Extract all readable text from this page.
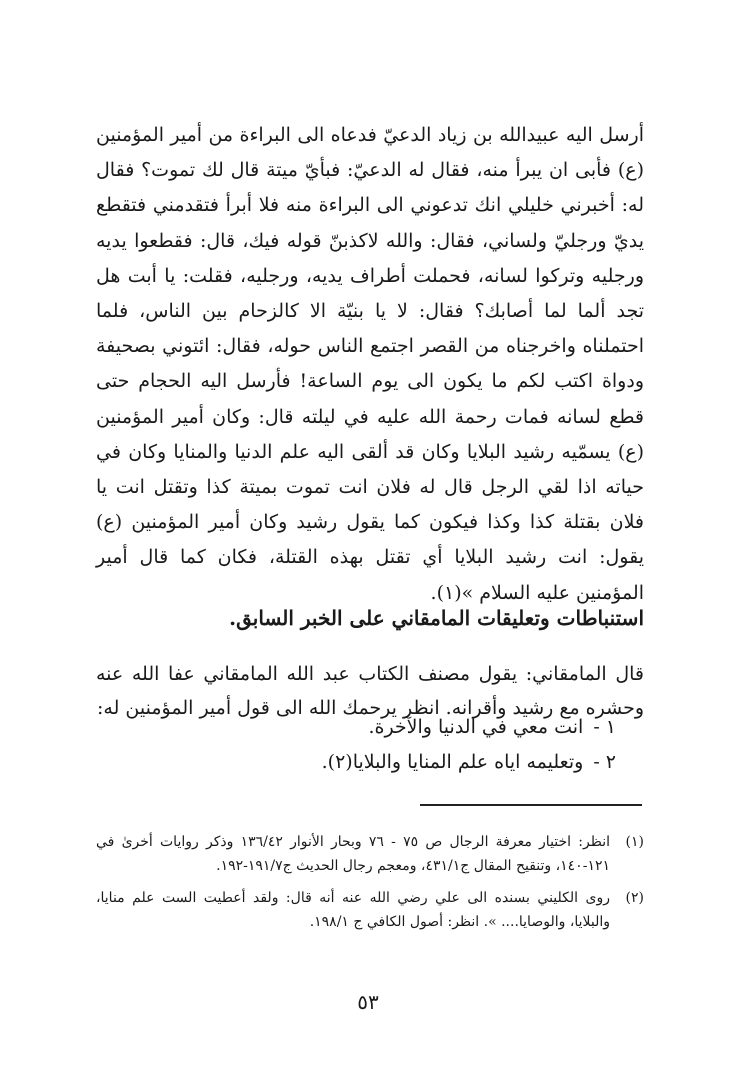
أرسل اليه عبيدالله بن زياد الدعيّ فدعاه الى البراءة من أمير المؤمنين (ع) فأبى ان يبرأ منه، فقال له الدعيّ: فبأيّ ميتة قال لك تموت؟ فقال له: أخبرني خليلي انك تدعوني الى البراءة منه فلا أبرأ فتقدمني فتقطع يديّ ورجليّ ولساني، فقال: والله لاكذبنّ قوله فيك، قال: فقطعوا يديه ورجليه وتركوا لسانه، فحملت أطراف يديه، ورجليه، فقلت: يا أبت هل تجد ألما لما أصابك؟ فقال: لا يا بنيّة الا كالزحام بين الناس، فلما احتملناه واخرجناه من القصر اجتمع الناس حوله، فقال: ائتوني بصحيفة ودواة اكتب لكم ما يكون الى يوم الساعة! فأرسل اليه الحجام حتى قطع لسانه فمات رحمة الله عليه في ليلته قال: وكان أمير المؤمنين (ع) يسمّيه رشيد البلايا وكان قد ألقى اليه علم الدنيا والمنايا وكان في حياته اذا لقي الرجل قال له فلان انت تموت بميتة كذا وتقتل انت يا فلان بقتلة كذا وكذا فيكون كما يقول رشيد وكان أمير المؤمنين (ع) يقول: انت رشيد البلايا أي تقتل بهذه القتلة، فكان كما قال أمير المؤمنين عليه السلام »(١).

استنباطات وتعليقات المامقاني على الخبر السابق.

قال المامقاني: يقول مصنف الكتاب عبد الله المامقاني عفا الله عنه وحشره مع رشيد وأقرانه. انظر يرحمك الله الى قول أمير المؤمنين له:

١ -انت معي في الدنيا والآخرة.
٢ -وتعليمه اياه علم المنايا والبلايا(٢).
(١)
انظر: اختيار معرفة الرجال ص ٧٥ - ٧٦ وبحار الأنوار ١٣٦/٤٢ وذكر روايات أخرىٰ في ١٢١-١٤٠، وتنقيح المقال ج٤٣١/١، ومعجم رجال الحديث ج١٩١/٧-١٩٢.
(٢)
روى الكليني بسنده الى علي رضي الله عنه أنه قال: ولقد أعطيت الست علم منايا، والبلايا، والوصايا.... ». انظر: أصول الكافي ج ١٩٨/١.
٥٣
